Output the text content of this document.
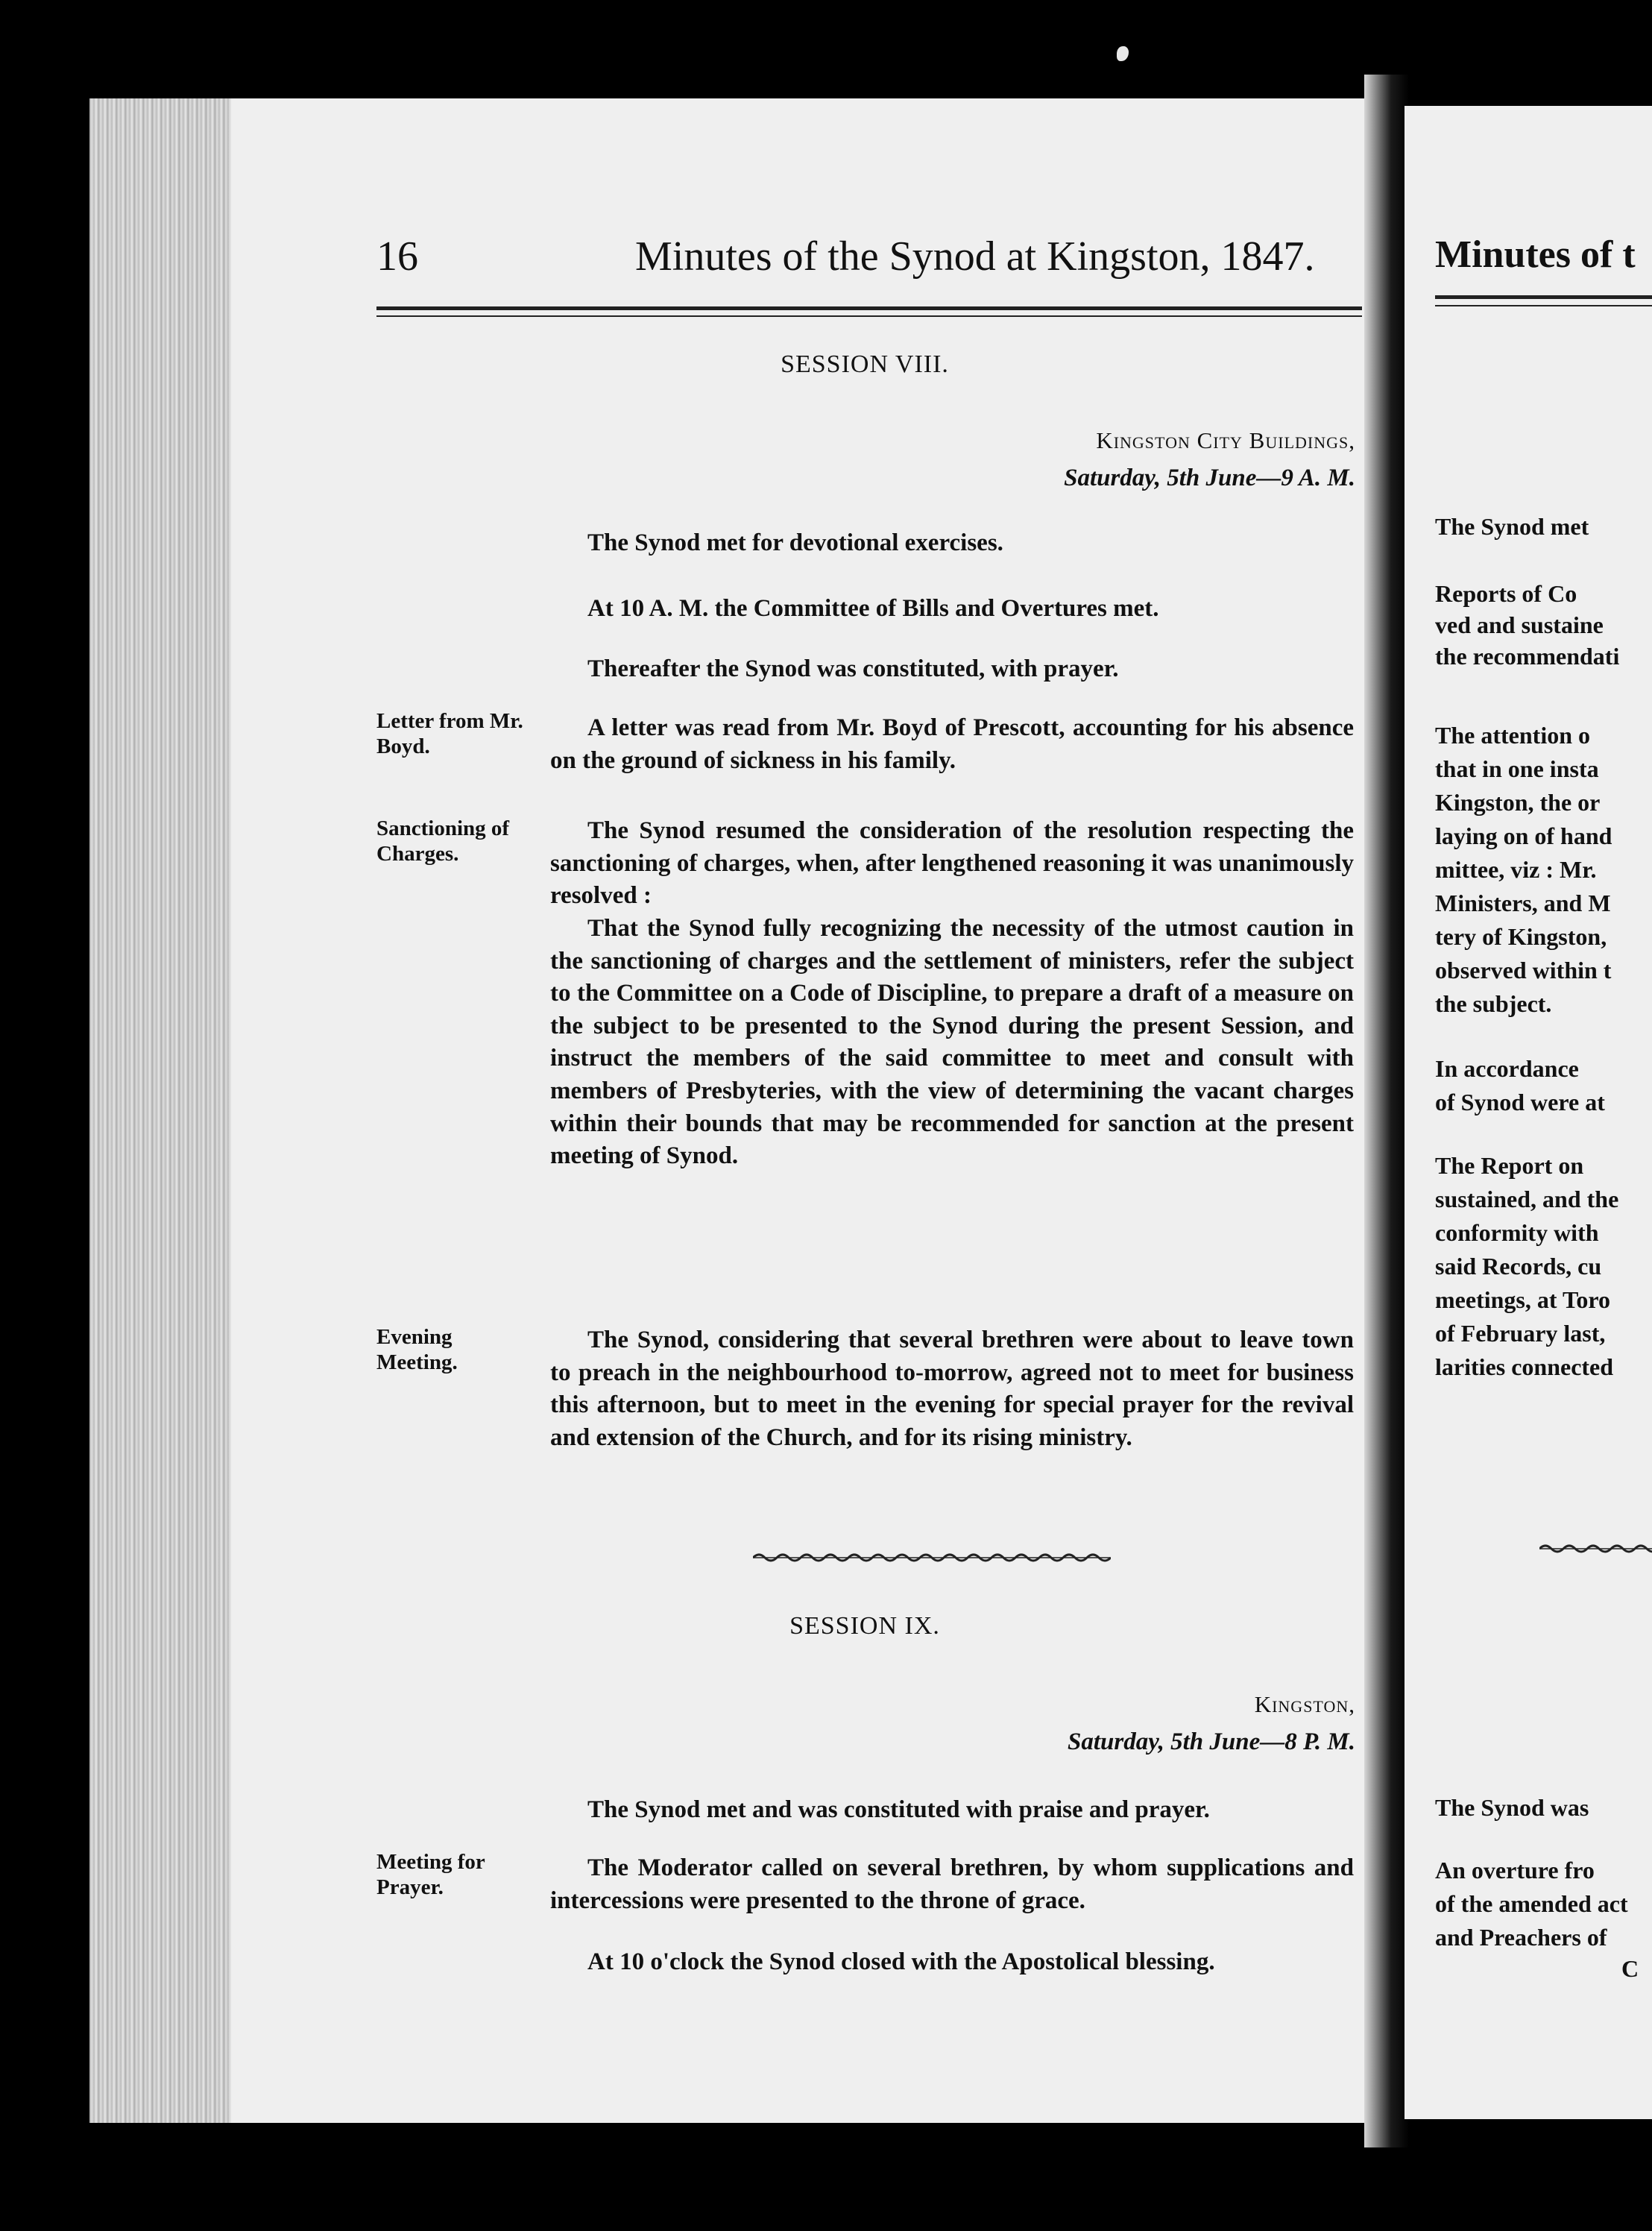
16	Minutes of the Synod at Kingston, 1847.
SESSION VIII.
Kingston City Buildings,
Saturday, 5th June—9 A. M.
The Synod met for devotional exercises.
At 10 A. M. the Committee of Bills and Overtures met.
Thereafter the Synod was constituted, with prayer.
Letter from Mr. Boyd.
A letter was read from Mr. Boyd of Prescott, accounting for his absence on the ground of sickness in his family.
Sanctioning of Charges.
The Synod resumed the consideration of the resolution respecting the sanctioning of charges, when, after lengthened reasoning it was unanimously resolved :
That the Synod fully recognizing the necessity of the utmost caution in the sanctioning of charges and the settlement of ministers, refer the subject to the Committee on a Code of Discipline, to prepare a draft of a measure on the subject to be presented to the Synod during the present Session, and instruct the members of the said committee to meet and consult with members of Presbyteries, with the view of determining the vacant charges within their bounds that may be recommended for sanction at the present meeting of Synod.
Evening Meeting.
The Synod, considering that several brethren were about to leave town to preach in the neighbourhood to-morrow, agreed not to meet for business this afternoon, but to meet in the evening for special prayer for the revival and extension of the Church, and for its rising ministry.
SESSION IX.
Kingston,
Saturday, 5th June—8 P. M.
The Synod met and was constituted with praise and prayer.
Meeting for Prayer.
The Moderator called on several brethren, by whom supplications and intercessions were presented to the throne of grace.
At 10 o'clock the Synod closed with the Apostolical blessing.
Minutes of t
The Synod met
Reports of Co
ved and sustaine
the recommendati
The attention o
that in one insta
Kingston, the or
laying on of hand
mittee, viz : Mr.
Ministers, and M
tery of Kingston,
observed within t
the subject.
In accordance
of Synod were at
The Report on
sustained, and the
conformity with
said Records, cu
meetings, at Toro
of February last,
larities connected
The Synod was
An overture fro
of the amended act
and Preachers of
C
